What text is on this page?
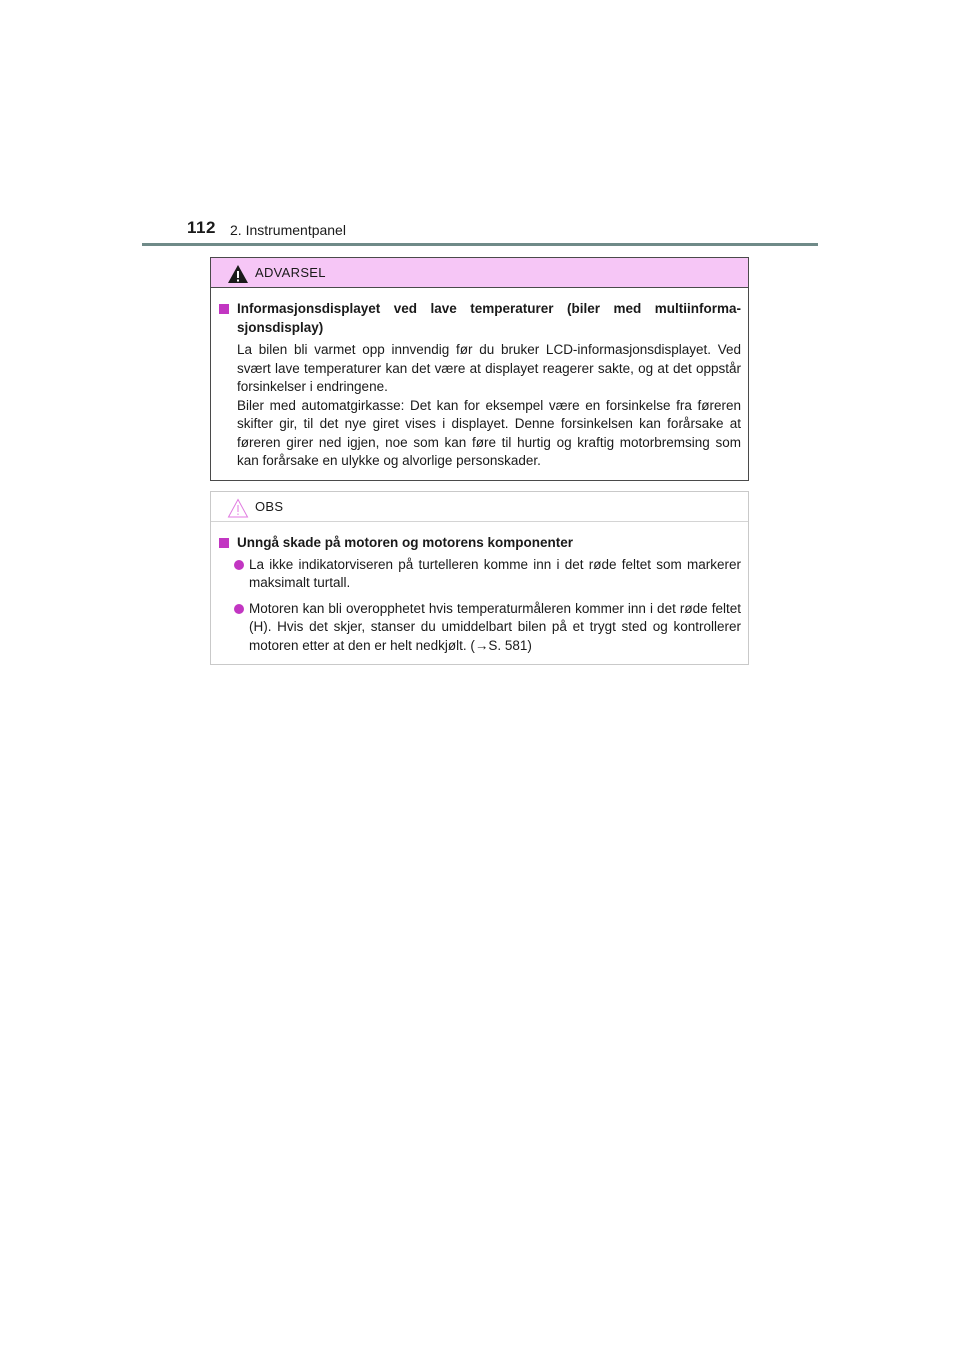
112 2. Instrumentpanel
ADVARSEL
Informasjonsdisplayet ved lave temperaturer (biler med multiinforma-sjonsdisplay)
La bilen bli varmet opp innvendig før du bruker LCD-informasjonsdisplayet. Ved svært lave temperaturer kan det være at displayet reagerer sakte, og at det oppstår forsinkelser i endringene.
Biler med automatgirkasse: Det kan for eksempel være en forsinkelse fra føreren skifter gir, til det nye giret vises i displayet. Denne forsinkelsen kan forårsake at føreren girer ned igjen, noe som kan føre til hurtig og kraftig motorbremsing som kan forårsake en ulykke og alvorlige personskader.
OBS
Unngå skade på motoren og motorens komponenter
La ikke indikatorviseren på turtelleren komme inn i det røde feltet som markerer maksimalt turtall.
Motoren kan bli overopphetet hvis temperaturmåleren kommer inn i det røde feltet (H). Hvis det skjer, stanser du umiddelbart bilen på et trygt sted og kontrollerer motoren etter at den er helt nedkjølt. (→S. 581)
